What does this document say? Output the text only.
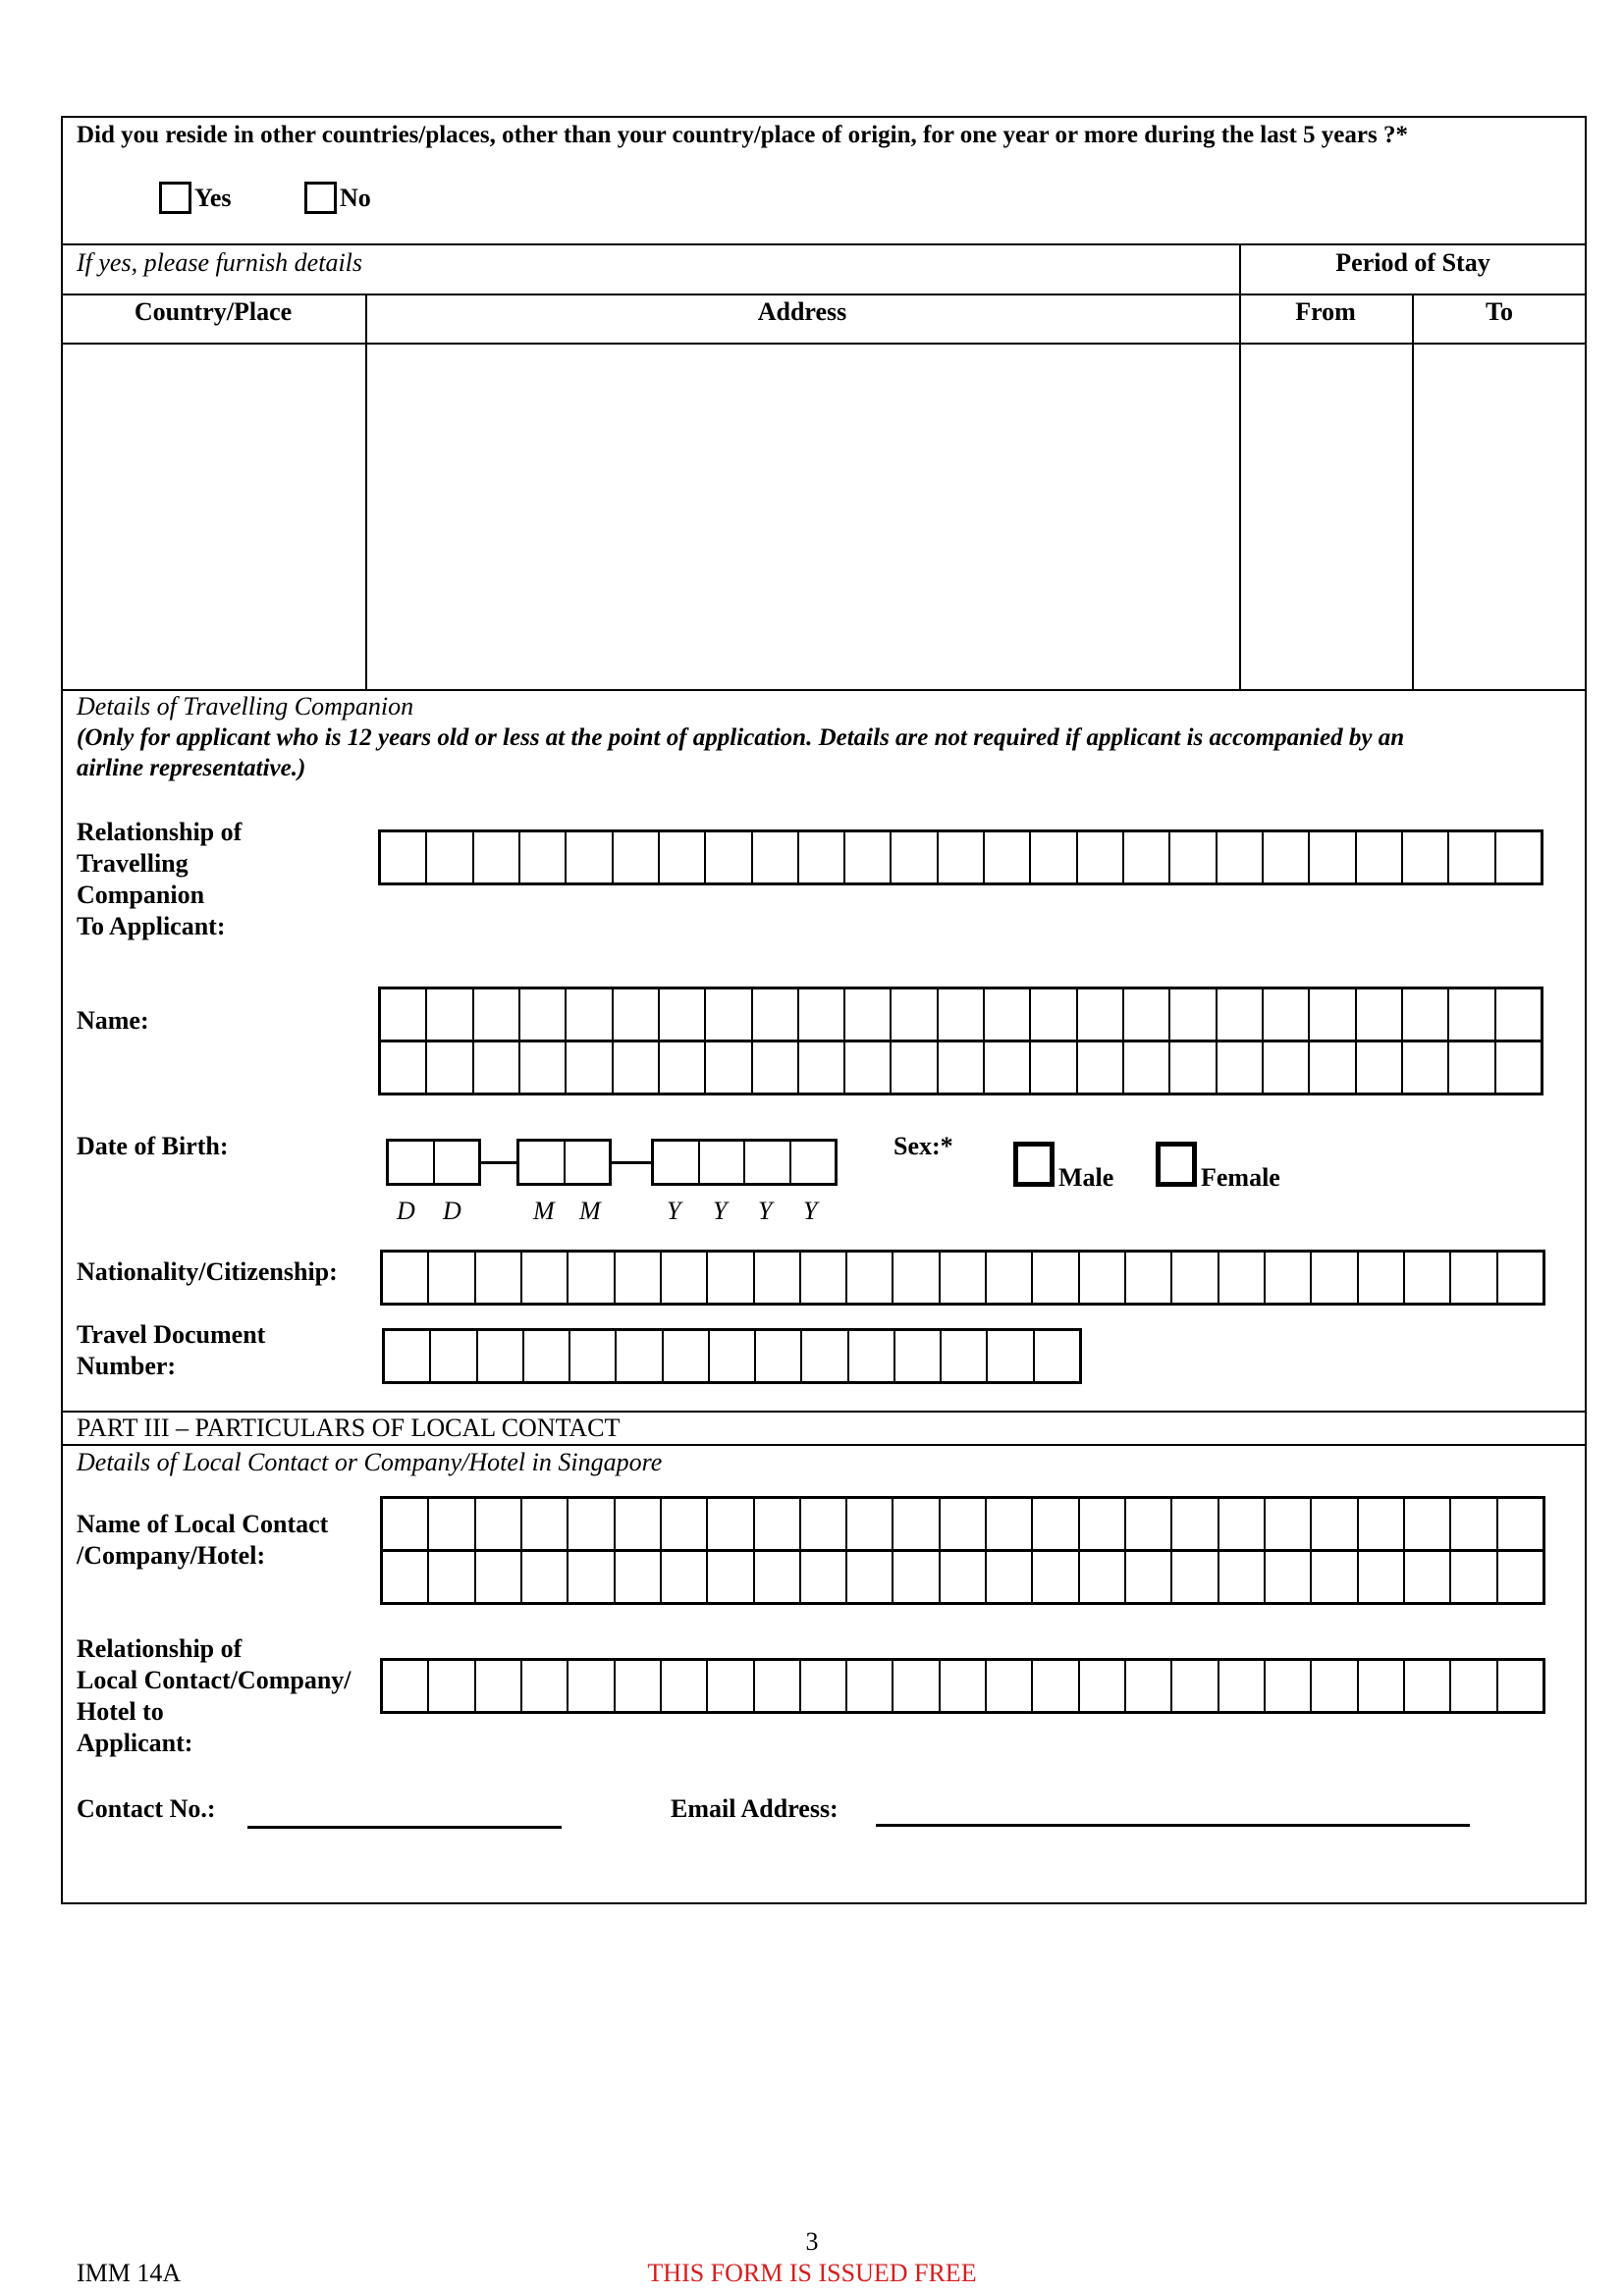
Did you reside in other countries/places, other than your country/place of origin, for one year or more during the last 5 years ?*
Yes	No
If yes, please furnish details	Period of Stay
Country/Place	Address	From	To
Details of Travelling Companion
(Only for applicant who is 12 years old or less at the point of application. Details are not required if applicant is accompanied by an
airline representative.)
Relationship of
Travelling
Companion
To Applicant:
Name:
Date of Birth:
D D	M M	Y Y Y Y
Sex:*
Male	Female
Nationality/Citizenship:
Travel Document
Number:
PART III – PARTICULARS OF LOCAL CONTACT
Details of Local Contact or Company/Hotel in Singapore
Name of Local Contact
/Company/Hotel:
Relationship of
Local Contact/Company/
Hotel to
Applicant:
Contact No.:	Email Address:
3
IMM 14A	THIS FORM IS ISSUED FREE
